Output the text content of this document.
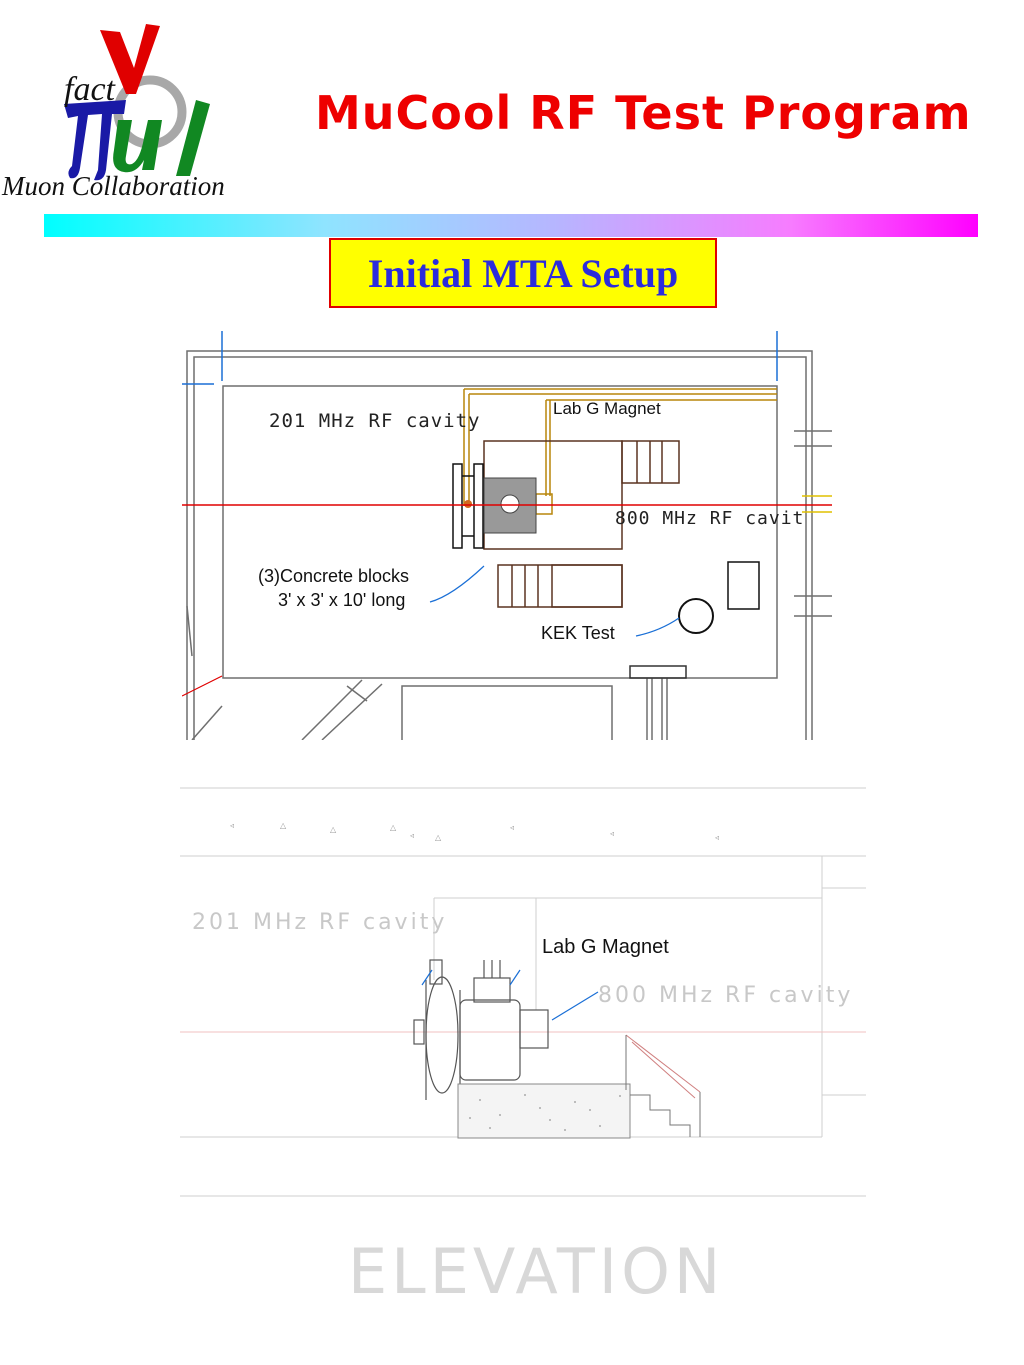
fact
Muon Collaboration
MuCool RF Test Program
Initial MTA Setup
201 MHz RF cavity
Lab G Magnet
800 MHz RF cavit
(3)Concrete blocks
3' x 3' x 10' long
KEK Test
◃	△	△	△
◃	△
◃
◃	◃
201 MHz RF cavity
Lab G Magnet
800 MHz RF cavity
ELEVATION
